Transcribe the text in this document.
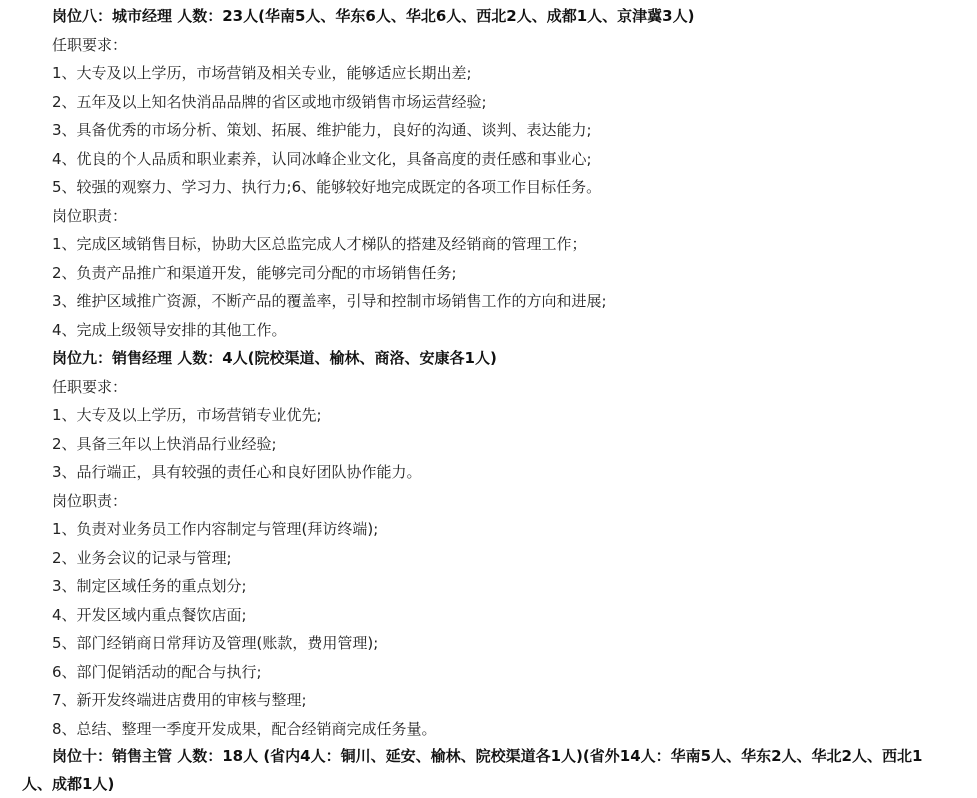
岗位八：城市经理 人数：23人(华南5人、华东6人、华北6人、西北2人、成都1人、京津冀3人)
任职要求：
1、大专及以上学历，市场营销及相关专业，能够适应长期出差;
2、五年及以上知名快消品品牌的省区或地市级销售市场运营经验;
3、具备优秀的市场分析、策划、拓展、维护能力，良好的沟通、谈判、表达能力;
4、优良的个人品质和职业素养，认同冰峰企业文化，具备高度的责任感和事业心;
5、较强的观察力、学习力、执行力;6、能够较好地完成既定的各项工作目标任务。
岗位职责：
1、完成区域销售目标，协助大区总监完成人才梯队的搭建及经销商的管理工作；
2、负责产品推广和渠道开发，能够完司分配的市场销售任务;
3、维护区域推广资源，不断产品的覆盖率，引导和控制市场销售工作的方向和进展;
4、完成上级领导安排的其他工作。
岗位九：销售经理 人数：4人(院校渠道、榆林、商洛、安康各1人)
任职要求：
1、大专及以上学历，市场营销专业优先;
2、具备三年以上快消品行业经验;
3、品行端正，具有较强的责任心和良好团队协作能力。
岗位职责：
1、负责对业务员工作内容制定与管理(拜访终端);
2、业务会议的记录与管理;
3、制定区域任务的重点划分;
4、开发区域内重点餐饮店面;
5、部门经销商日常拜访及管理(账款，费用管理);
6、部门促销活动的配合与执行;
7、新开发终端进店费用的审核与整理;
8、总结、整理一季度开发成果，配合经销商完成任务量。
岗位十：销售主管 人数：18人 (省内4人：铜川、延安、榆林、院校渠道各1人)(省外14人：华南5人、华东2人、华北2人、西北1人、成都1人)
